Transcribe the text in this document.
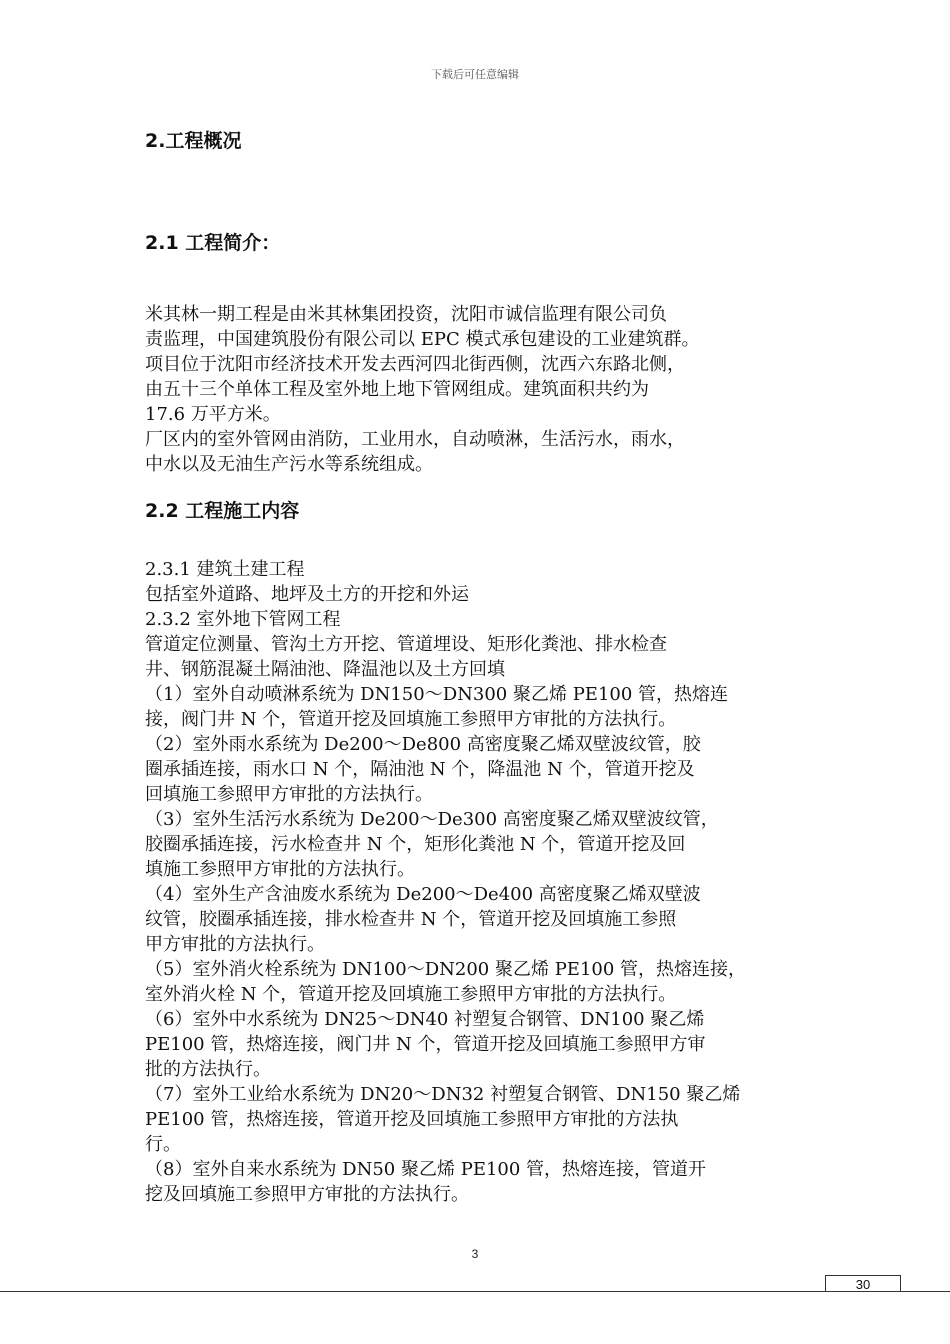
下载后可任意编辑
2.工程概况
2.1 工程简介：

米其林一期工程是由米其林集团投资，沈阳市诚信监理有限公司负

责监理，中国建筑股份有限公司以 EPC 模式承包建设的工业建筑群。

项目位于沈阳市经济技术开发去西河四北街西侧，沈西六东路北侧，

由五十三个单体工程及室外地上地下管网组成。建筑面积共约为

17.6 万平方米。

厂区内的室外管网由消防，工业用水，自动喷淋，生活污水，雨水，

中水以及无油生产污水等系统组成。

2.2 工程施工内容

2.3.1 建筑土建工程

包括室外道路、地坪及土方的开挖和外运

2.3.2 室外地下管网工程

管道定位测量、管沟土方开挖、管道埋设、矩形化粪池、排水检查

井、钢筋混凝土隔油池、降温池以及土方回填

（1）室外自动喷淋系统为 DN150～DN300 聚乙烯 PE100 管，热熔连

接，阀门井 N 个，管道开挖及回填施工参照甲方审批的方法执行。

（2）室外雨水系统为 De200～De800 高密度聚乙烯双壁波纹管，胶

圈承插连接，雨水口 N 个，隔油池 N 个，降温池 N 个，管道开挖及

回填施工参照甲方审批的方法执行。

（3）室外生活污水系统为 De200～De300 高密度聚乙烯双壁波纹管，

胶圈承插连接，污水检查井 N 个，矩形化粪池 N 个，管道开挖及回

填施工参照甲方审批的方法执行。

（4）室外生产含油废水系统为 De200～De400 高密度聚乙烯双壁波

纹管，胶圈承插连接，排水检查井 N 个，管道开挖及回填施工参照

甲方审批的方法执行。

（5）室外消火栓系统为 DN100～DN200 聚乙烯 PE100 管，热熔连接，

室外消火栓 N 个，管道开挖及回填施工参照甲方审批的方法执行。

（6）室外中水系统为 DN25～DN40 衬塑复合钢管、DN100 聚乙烯

PE100 管，热熔连接，阀门井 N 个，管道开挖及回填施工参照甲方审

批的方法执行。

（7）室外工业给水系统为 DN20～DN32 衬塑复合钢管、DN150 聚乙烯

PE100 管，热熔连接，管道开挖及回填施工参照甲方审批的方法执

行。

（8）室外自来水系统为 DN50 聚乙烯 PE100 管，热熔连接，管道开

挖及回填施工参照甲方审批的方法执行。

3
30
